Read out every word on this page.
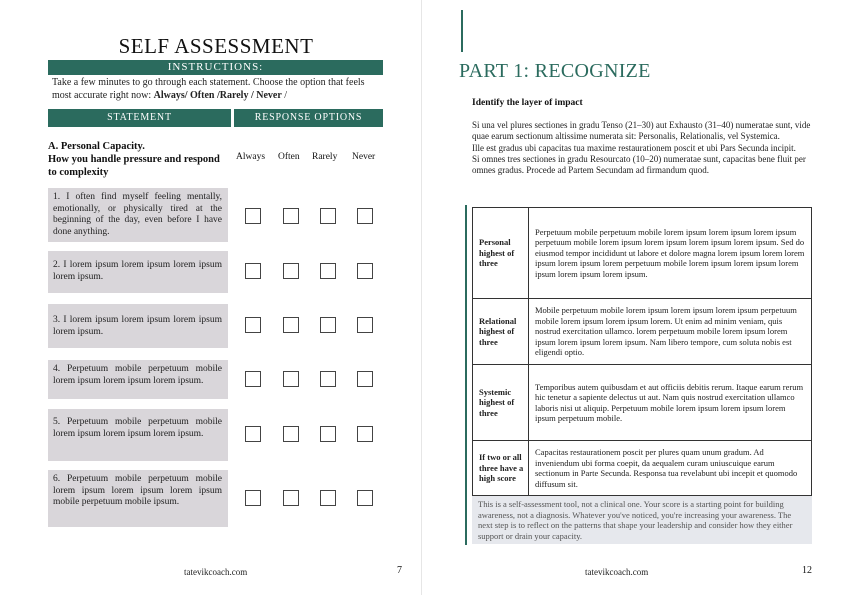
SELF ASSESSMENT
INSTRUCTIONS:
Take a few minutes to go through each statement. Choose the option that feels most accurate right now: Always/ Often /Rarely / Never /
STATEMENT	RESPONSE OPTIONS
A. Personal Capacity.
How you handle pressure and respond to complexity
Always Often Rarely Never
1. I often find myself feeling mentally, emotionally, or physically tired at the beginning of the day, even before I have done anything.
2. I lorem ipsum lorem ipsum lorem ipsum lorem ipsum.
3. I lorem ipsum lorem ipsum lorem ipsum lorem ipsum.
4. Perpetuum mobile perpetuum mobile lorem ipsum lorem ipsum lorem ipsum.
5. Perpetuum mobile perpetuum mobile lorem ipsum lorem ipsum lorem ipsum.
6. Perpetuum mobile perpetuum mobile lorem ipsum lorem ipsum lorem ipsum mobile perpetuum mobile ipsum.
tatevikcoach.com	7
PART 1: RECOGNIZE
Identify the layer of impact
Si una vel plures sectiones in gradu Tenso (21–30) aut Exhausto (31–40) numeratae sunt, vide quae earum sectionum altissime numerata sit: Personalis, Relationalis, vel Systemica.
Ille est gradus ubi capacitas tua maxime restaurationem poscit et ubi Pars Secunda incipit.
Si omnes tres sectiones in gradu Resourcato (10–20) numeratae sunt, capacitas bene fluit per omnes gradus. Procede ad Partem Secundam ad firmandum quod.
Personal highest of three	Perpetuum mobile perpetuum mobile lorem ipsum lorem ipsum lorem ipsum perpetuum mobile lorem ipsum lorem ipsum lorem ipsum lorem ipsum. Sed do eiusmod tempor incididunt ut labore et dolore magna lorem ipsum lorem lorem ipsum lorem ipsum lorem perpetuum mobile lorem ipsum lorem ipsum lorem ipsum lorem ipsum lorem ipsum.
Relational highest of three	Mobile perpetuum mobile lorem ipsum lorem ipsum lorem ipsum perpetuum mobile lorem ipsum lorem ipsum lorem. Ut enim ad minim veniam, quis nostrud exercitation ullamco. lorem perpetuum mobile lorem ipsum lorem ipsum lorem ipsum lorem ipsum. Nam libero tempore, cum soluta nobis est eligendi optio.
Systemic highest of three	Temporibus autem quibusdam et aut officiis debitis rerum. Itaque earum rerum hic tenetur a sapiente delectus ut aut. Nam quis nostrud exercitation ullamco laboris nisi ut aliquip. Perpetuum mobile lorem ipsum lorem ipsum lorem ipsum perpetuum mobile.
If two or all three have a high score	Capacitas restaurationem poscit per plures quam unum gradum. Ad inveniendum ubi forma coepit, da aequalem curam uniuscuique earum sectionum in Parte Secunda. Responsa tua revelabunt ubi incepit et quomodo diffusum sit.
This is a self-assessment tool, not a clinical one. Your score is a starting point for building awareness, not a diagnosis. Whatever you've noticed, you're increasing your awareness. The next step is to reflect on the patterns that shape your leadership and consider how they either support or drain your capacity.
tatevikcoach.com	12
